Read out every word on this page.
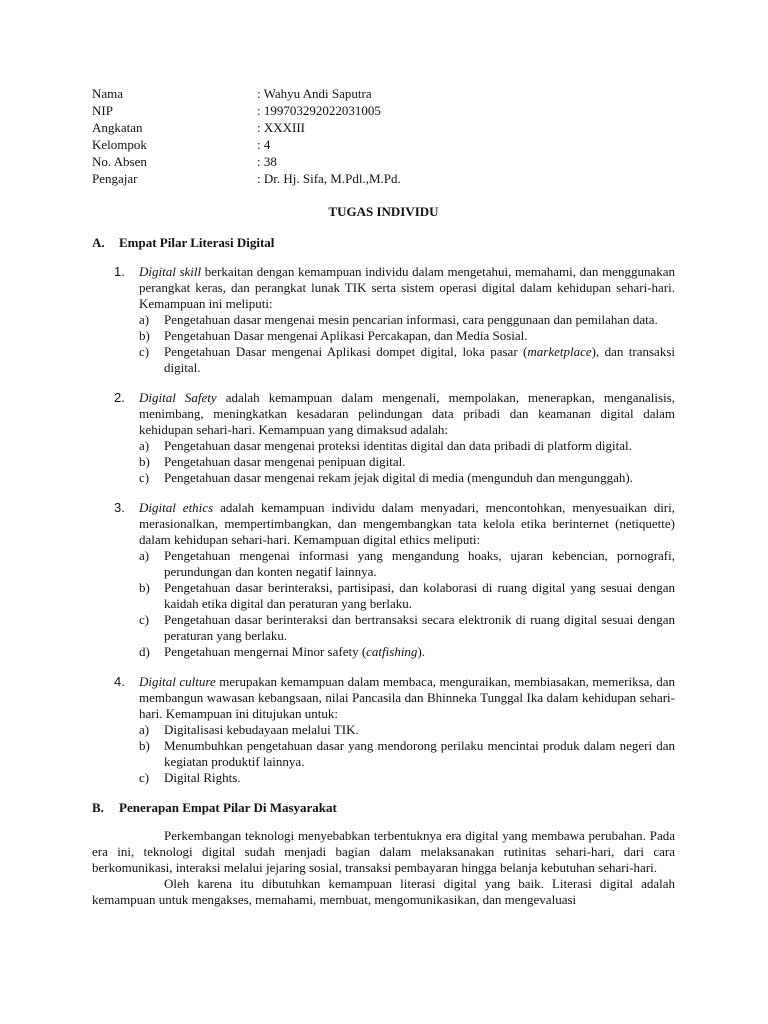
Nama	: Wahyu Andi Saputra
NIP	: 199703292022031005
Angkatan	: XXXIII
Kelompok	: 4
No. Absen	: 38
Pengajar	: Dr. Hj. Sifa, M.Pdl.,M.Pd.
TUGAS INDIVIDU
A.	Empat Pilar Literasi Digital
1.	Digital skill berkaitan dengan kemampuan individu dalam mengetahui, memahami, dan menggunakan perangkat keras, dan perangkat lunak TIK serta sistem operasi digital dalam kehidupan sehari-hari. Kemampuan ini meliputi:
a)	Pengetahuan dasar mengenai mesin pencarian informasi, cara penggunaan dan pemilahan data.
b)	Pengetahuan Dasar mengenai Aplikasi Percakapan, dan Media Sosial.
c)	Pengetahuan Dasar mengenai Aplikasi dompet digital, loka pasar (marketplace), dan transaksi digital.
2.	Digital Safety adalah kemampuan dalam mengenali, mempolakan, menerapkan, menganalisis, menimbang, meningkatkan kesadaran pelindungan data pribadi dan keamanan digital dalam kehidupan sehari-hari. Kemampuan yang dimaksud adalah:
a)	Pengetahuan dasar mengenai proteksi identitas digital dan data pribadi di platform digital.
b)	Pengetahuan dasar mengenai penipuan digital.
c)	Pengetahuan dasar mengenai rekam jejak digital di media (mengunduh dan mengunggah).
3.	Digital ethics adalah kemampuan individu dalam menyadari, mencontohkan, menyesuaikan diri, merasionalkan, mempertimbangkan, dan mengembangkan tata kelola etika berinternet (netiquette) dalam kehidupan sehari-hari. Kemampuan digital ethics meliputi:
a)	Pengetahuan mengenai informasi yang mengandung hoaks, ujaran kebencian, pornografi, perundungan dan konten negatif lainnya.
b)	Pengetahuan dasar berinteraksi, partisipasi, dan kolaborasi di ruang digital yang sesuai dengan kaidah etika digital dan peraturan yang berlaku.
c)	Pengetahuan dasar berinteraksi dan bertransaksi secara elektronik di ruang digital sesuai dengan peraturan yang berlaku.
d)	Pengetahuan mengernai Minor safety (catfishing).
4.	Digital culture merupakan kemampuan dalam membaca, menguraikan, membiasakan, memeriksa, dan membangun wawasan kebangsaan, nilai Pancasila dan Bhinneka Tunggal Ika dalam kehidupan sehari-hari. Kemampuan ini ditujukan untuk:
a)	Digitalisasi kebudayaan melalui TIK.
b)	Menumbuhkan pengetahuan dasar yang mendorong perilaku mencintai produk dalam negeri dan kegiatan produktif lainnya.
c)	Digital Rights.
B.	Penerapan Empat Pilar Di Masyarakat
Perkembangan teknologi menyebabkan terbentuknya era digital yang membawa perubahan. Pada era ini, teknologi digital sudah menjadi bagian dalam melaksanakan rutinitas sehari-hari, dari cara berkomunikasi, interaksi melalui jejaring sosial, transaksi pembayaran hingga belanja kebutuhan sehari-hari.
Oleh karena itu dibutuhkan kemampuan literasi digital yang baik. Literasi digital adalah kemampuan untuk mengakses, memahami, membuat, mengomunikasikan, dan mengevaluasi
